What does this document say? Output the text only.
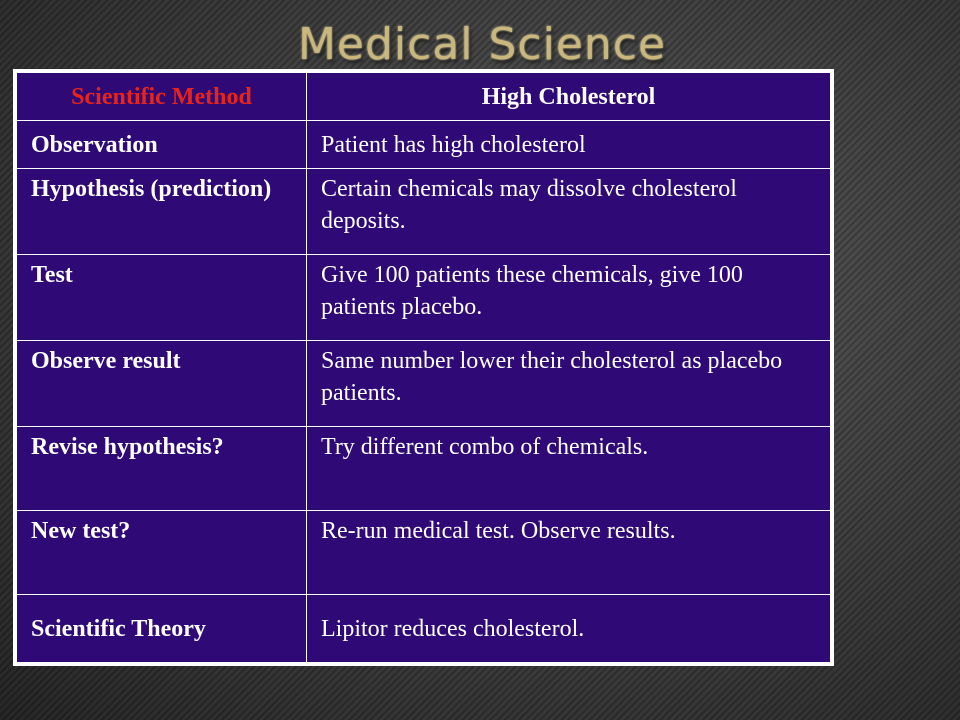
Medical Science
Scientific Method	High Cholesterol
Observation	Patient has high cholesterol
Hypothesis (prediction)	Certain chemicals may dissolve cholesterol deposits.
Test	Give 100 patients these chemicals, give 100 patients placebo.
Observe result	Same number lower their cholesterol as placebo patients.
Revise hypothesis?	Try different combo of chemicals.
New test?	Re-run medical test. Observe results.
Scientific Theory	Lipitor reduces cholesterol.
